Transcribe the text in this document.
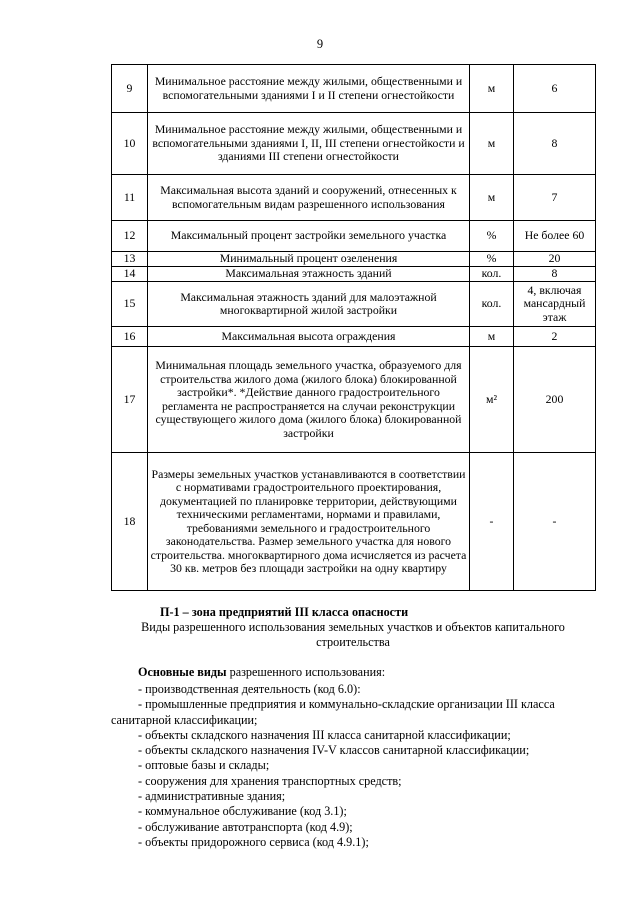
9
9	Минимальное расстояние между жилыми, общественными и вспомогательными зданиями I и II степени огнестойкости	м	6
10	Минимальное расстояние между жилыми, общественными и вспомогательными зданиями I, II, III степени огнестойкости и зданиями III степени огнестойкости	м	8
11	Максимальная высота зданий и сооружений, отнесенных к вспомогательным видам разрешенного использования	м	7
12	Максимальный процент застройки земельного участка	%	Не более 60
13	Минимальный процент озеленения	%	20
14	Максимальная этажность зданий	кол.	8
15	Максимальная этажность зданий для малоэтажной многоквартирной жилой застройки	кол.	4, включая мансардный этаж
16	Максимальная высота ограждения	м	2
17	Минимальная площадь земельного участка, образуемого для строительства жилого дома (жилого блока) блокированной застройки*. *Действие данного градостроительного регламента не распространяется на случаи реконструкции существующего жилого дома (жилого блока) блокированной застройки	м²	200
18	Размеры земельных участков устанавливаются в соответствии с нормативами градостроительного проектирования, документацией по планировке территории, действующими техническими регламентами, нормами и правилами, требованиями земельного и градостроительного законодательства. Размер земельного участка для нового строительства. многоквартирного дома исчисляется из расчета 30 кв. метров без площади застройки на одну квартиру	-	-
П-1 – зона предприятий III класса опасности
Виды разрешенного использования земельных участков и объектов капитального строительства
Основные виды разрешенного использования:
- производственная деятельность (код 6.0):
- промышленные предприятия и коммунально-складские организации III класса санитарной классификации;
- объекты складского назначения III класса санитарной классификации;
- объекты складского назначения IV-V классов санитарной классификации;
- оптовые базы и склады;
- сооружения для хранения транспортных средств;
- административные здания;
- коммунальное обслуживание (код 3.1);
- обслуживание автотранспорта (код 4.9);
- объекты придорожного сервиса (код 4.9.1);
